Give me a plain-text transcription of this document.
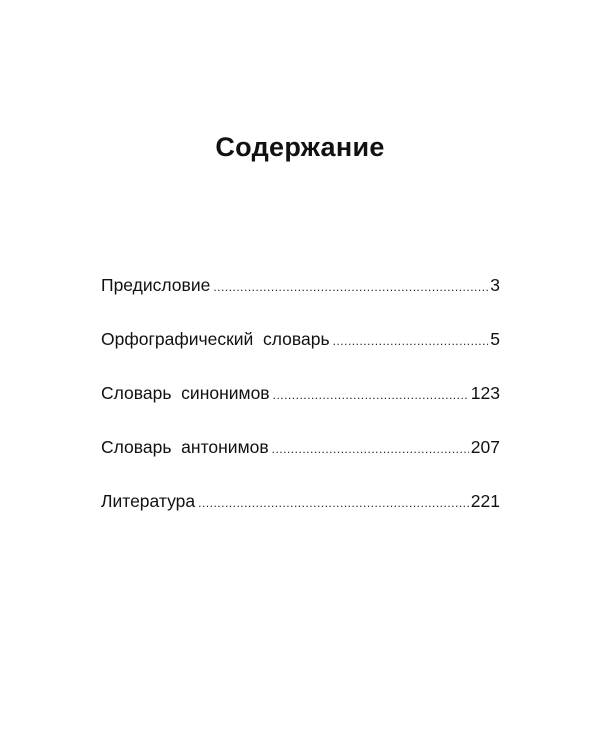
Содержание
Предисловие .....	3
Орфографический  словарь .....	5
Словарь  синонимов .....	123
Словарь  антонимов .....	207
Литература .....	221
